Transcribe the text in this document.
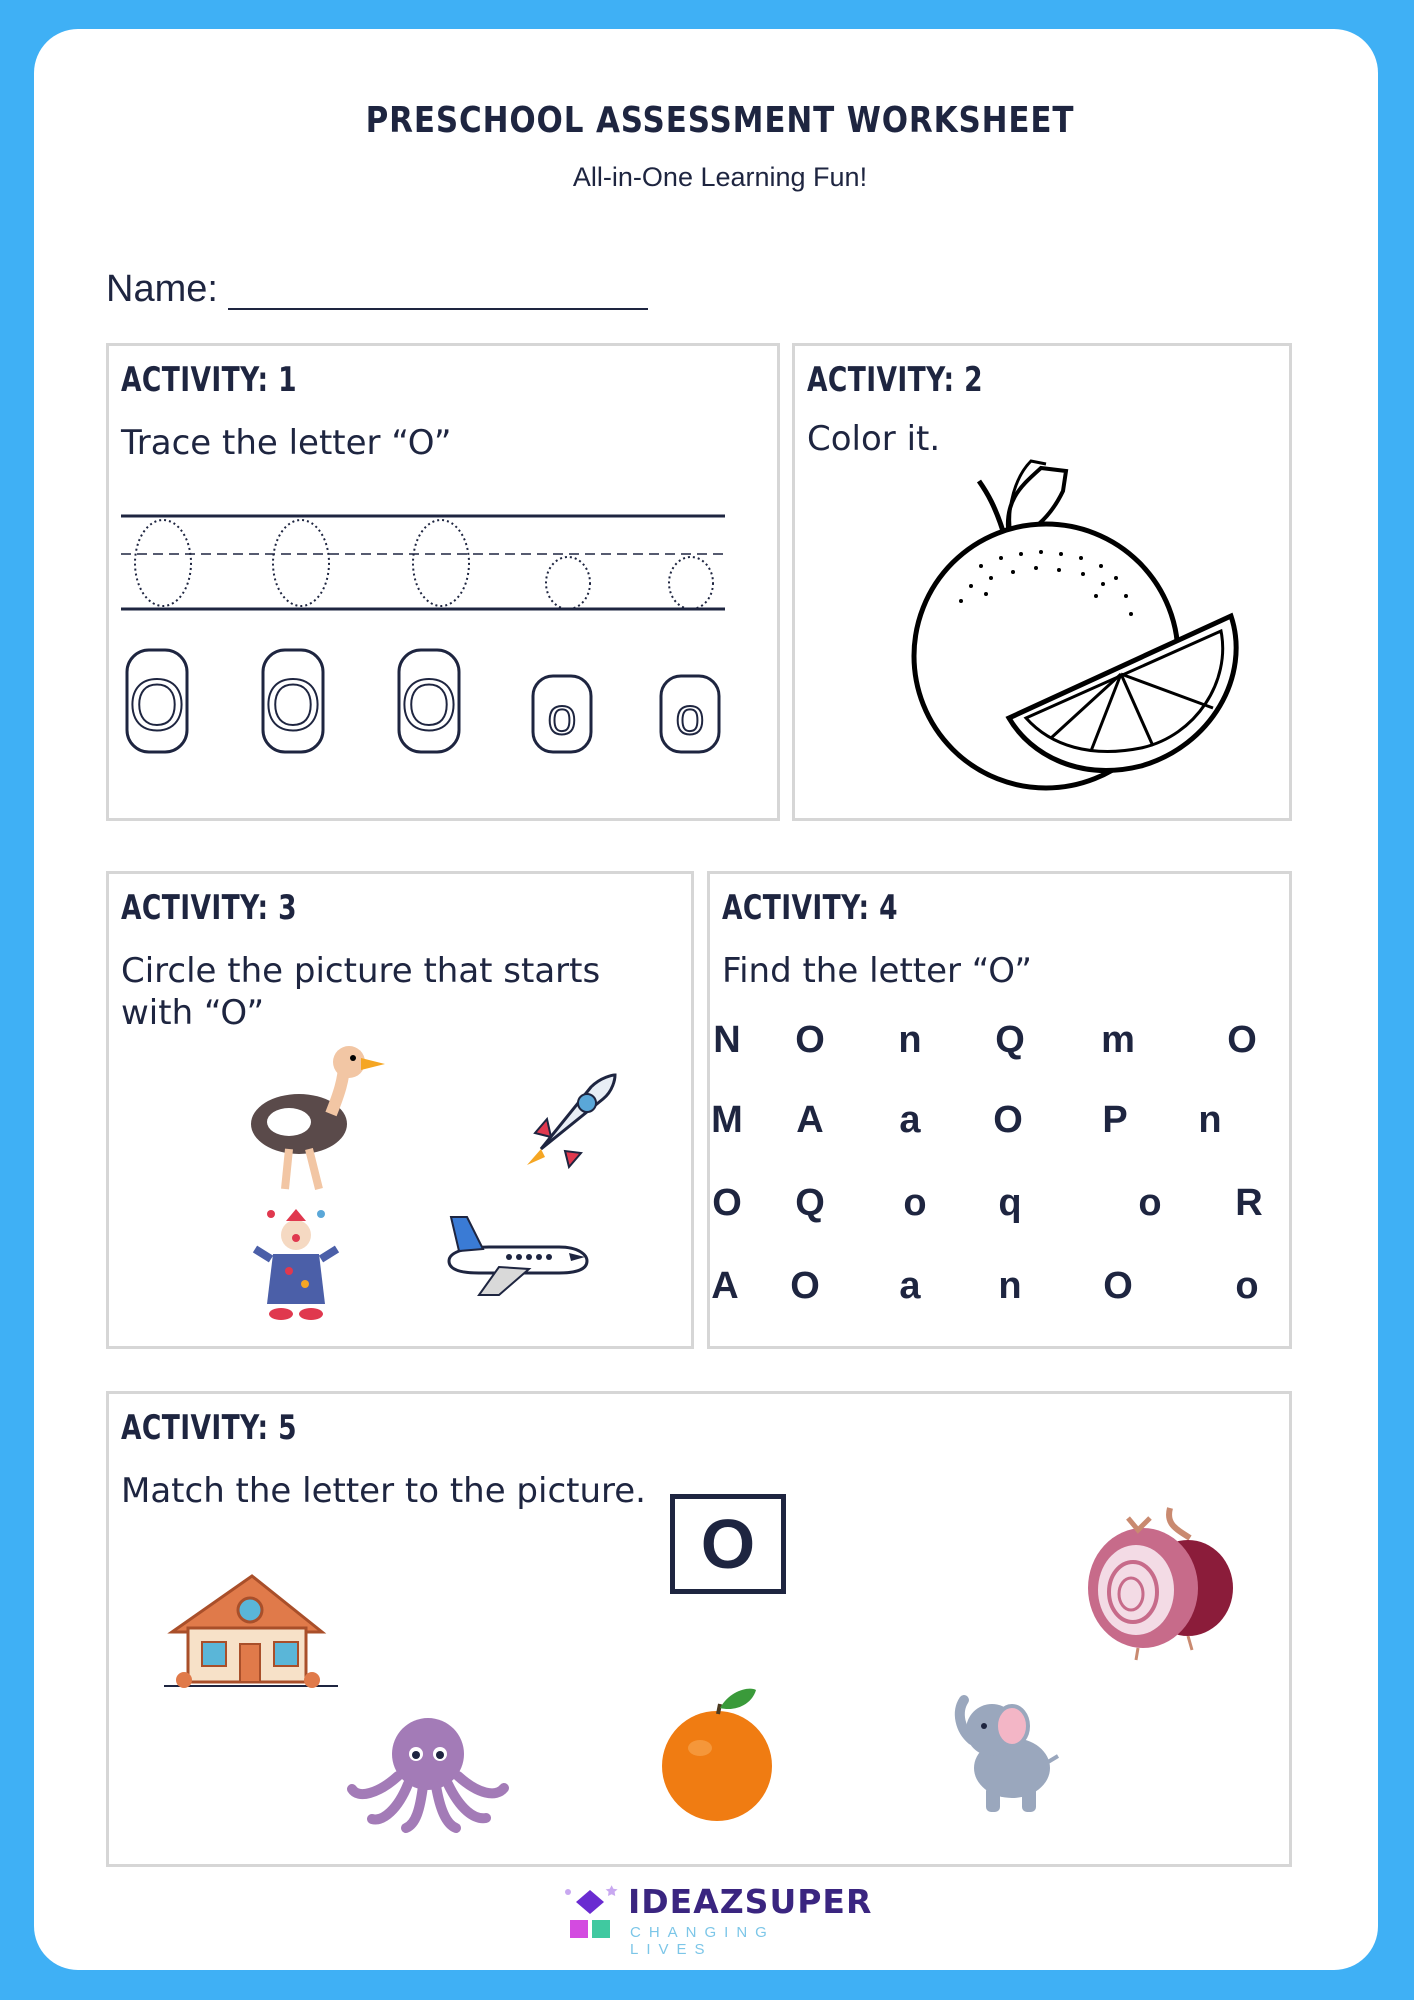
PRESCHOOL ASSESSMENT WORKSHEET
All-in-One Learning Fun!
Name:
ACTIVITY: 1
Trace the letter “O”
O O O o o
ACTIVITY: 2
Color it.
ACTIVITY: 3
Circle the picture that starts with “O”
ACTIVITY: 4
Find the letter “O”
N O	n	Q m O
M A	a	O	P	n
O Q	o	q	o	R
A O	a	n	O	o
ACTIVITY: 5
Match the letter to the picture.
O
IDEAZSUPER
CHANGING LIVES
